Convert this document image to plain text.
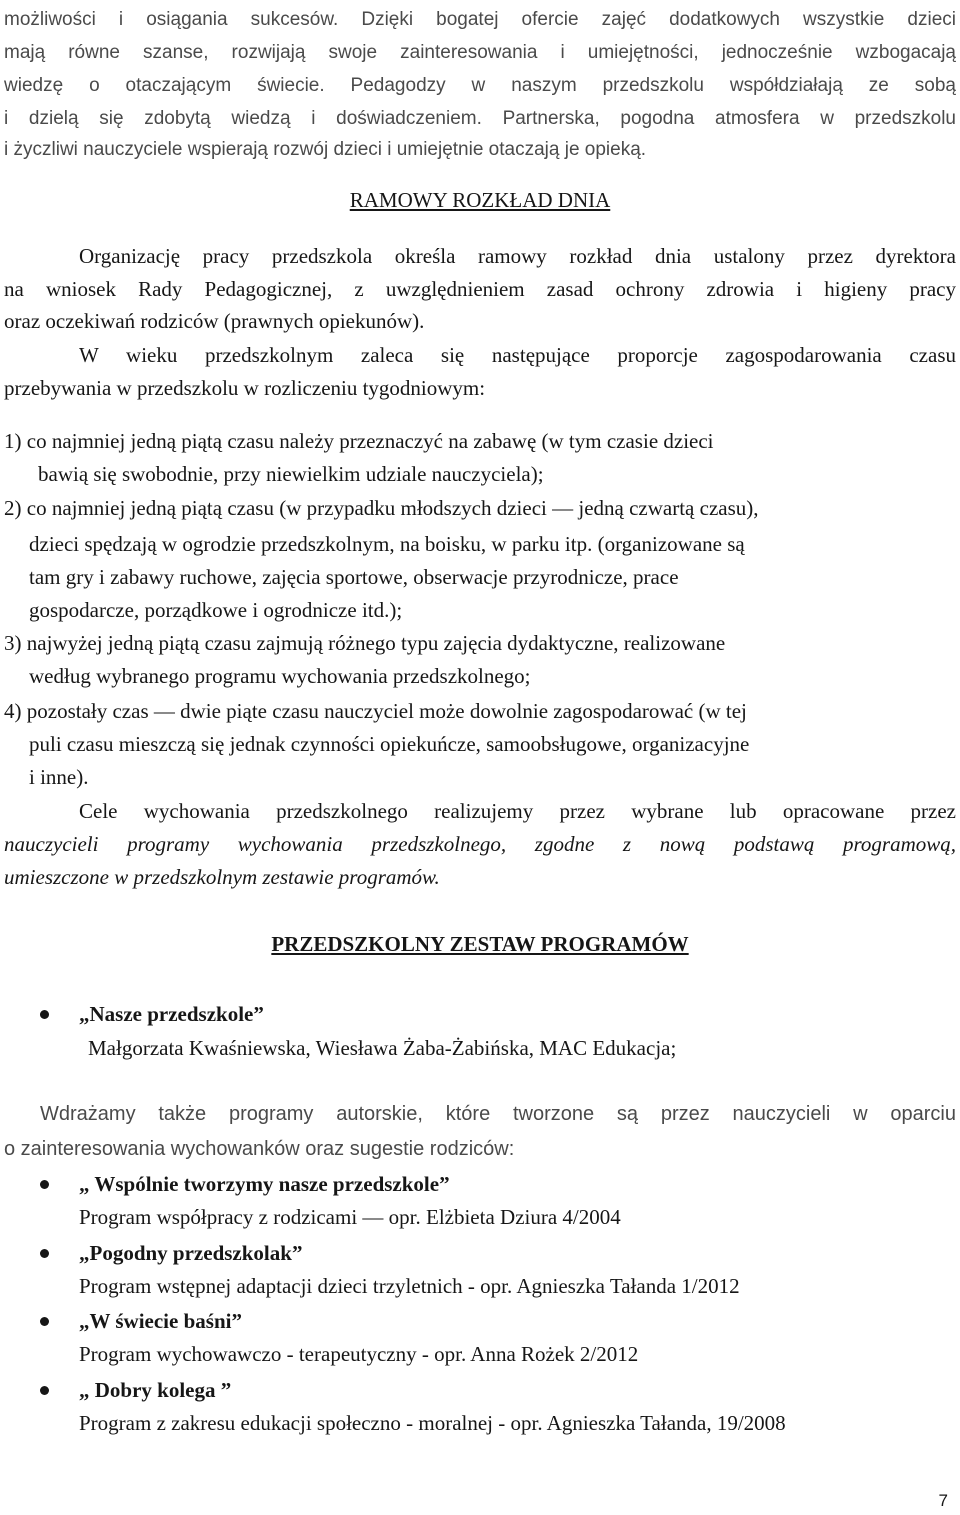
możliwości i osiągania sukcesów. Dzięki bogatej ofercie zajęć dodatkowych wszystkie dzieci
mają równe szanse, rozwijają swoje zainteresowania i umiejętności, jednocześnie wzbogacają
wiedzę o otaczającym świecie. Pedagodzy w naszym przedszkolu współdziałają ze sobą
i dzielą się zdobytą wiedzą i doświadczeniem. Partnerska, pogodna atmosfera w przedszkolu
i życzliwi nauczyciele wspierają rozwój dzieci i umiejętnie otaczają je opieką.
RAMOWY ROZKŁAD DNIA
Organizację pracy przedszkola określa ramowy rozkład dnia ustalony przez dyrektora
na wniosek Rady Pedagogicznej, z uwzględnieniem zasad ochrony zdrowia i higieny pracy
oraz oczekiwań rodziców (prawnych opiekunów).
W wieku przedszkolnym zaleca się następujące proporcje zagospodarowania czasu
przebywania w przedszkolu w rozliczeniu tygodniowym:
1) co najmniej jedną piątą czasu należy przeznaczyć na zabawę (w tym czasie dzieci
bawią się swobodnie, przy niewielkim udziale nauczyciela);
2) co najmniej jedną piątą czasu (w przypadku młodszych dzieci — jedną czwartą czasu),
dzieci spędzają w ogrodzie przedszkolnym, na boisku, w parku itp. (organizowane są
tam gry i zabawy ruchowe, zajęcia sportowe, obserwacje przyrodnicze, prace
gospodarcze, porządkowe i ogrodnicze itd.);
3) najwyżej jedną piątą czasu zajmują różnego typu zajęcia dydaktyczne, realizowane
według wybranego programu wychowania przedszkolnego;
4) pozostały czas — dwie piąte czasu nauczyciel może dowolnie zagospodarować (w tej
puli czasu mieszczą się jednak czynności opiekuńcze, samoobsługowe, organizacyjne
i inne).
Cele wychowania przedszkolnego realizujemy przez wybrane lub opracowane przez
nauczycieli programy wychowania przedszkolnego, zgodne z nową podstawą programową,
umieszczone w przedszkolnym zestawie programów.
PRZEDSZKOLNY ZESTAW PROGRAMÓW
„Nasze przedszkole”
Małgorzata Kwaśniewska, Wiesława Żaba-Żabińska, MAC Edukacja;
Wdrażamy także programy autorskie, które tworzone są przez nauczycieli w oparciu
o zainteresowania wychowanków oraz sugestie rodziców:
„ Wspólnie tworzymy nasze przedszkole”
Program współpracy z rodzicami — opr. Elżbieta Dziura 4/2004
„Pogodny przedszkolak”
Program wstępnej adaptacji dzieci trzyletnich - opr. Agnieszka Tałanda 1/2012
„W świecie baśni”
Program wychowawczo - terapeutyczny - opr. Anna Rożek 2/2012
„ Dobry kolega ”
Program z zakresu edukacji społeczno - moralnej - opr. Agnieszka Tałanda, 19/2008
7
